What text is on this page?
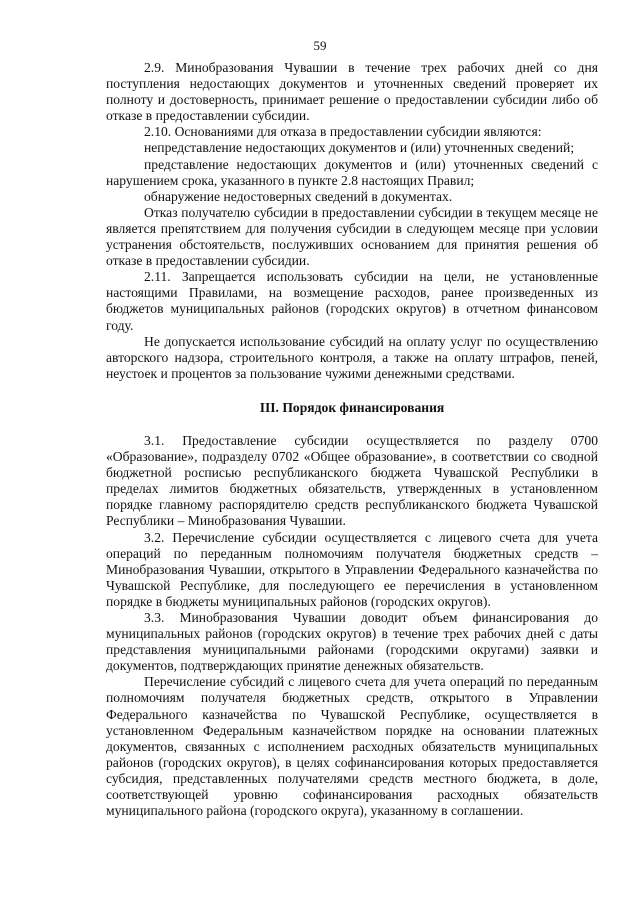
59

2.9. Минобразования Чувашии в течение трех рабочих дней со дня поступления недостающих документов и уточненных сведений проверяет их полноту и достоверность, принимает решение о предоставлении субсидии либо об отказе в предоставлении субсидии.

2.10. Основаниями для отказа в предоставлении субсидии являются:

непредставление недостающих документов и (или) уточненных сведений;

представление недостающих документов и (или) уточненных сведений с нарушением срока, указанного в пункте 2.8 настоящих Правил;

обнаружение недостоверных сведений в документах.

Отказ получателю субсидии в предоставлении субсидии в текущем месяце не является препятствием для получения субсидии в следующем месяце при условии устранения обстоятельств, послуживших основанием для принятия решения об отказе в предоставлении субсидии.

2.11. Запрещается использовать субсидии на цели, не установленные настоящими Правилами, на возмещение расходов, ранее произведенных из бюджетов муниципальных районов (городских округов) в отчетном финансовом году.

Не допускается использование субсидий на оплату услуг по осуществлению авторского надзора, строительного контроля, а также на оплату штрафов, пеней, неустоек и процентов за пользование чужими денежными средствами.

III. Порядок финансирования

3.1. Предоставление субсидии осуществляется по разделу 0700 «Образование», подразделу 0702 «Общее образование», в соответствии со сводной бюджетной росписью республиканского бюджета Чувашской Республики в пределах лимитов бюджетных обязательств, утвержденных в установленном порядке главному распорядителю средств республиканского бюджета Чувашской Республики – Минобразования Чувашии.

3.2. Перечисление субсидии осуществляется с лицевого счета для учета операций по переданным полномочиям получателя бюджетных средств – Минобразования Чувашии, открытого в Управлении Федерального казначейства по Чувашской Республике, для последующего ее перечисления в установленном порядке в бюджеты муниципальных районов (городских округов).

3.3. Минобразования Чувашии доводит объем финансирования до муниципальных районов (городских округов) в течение трех рабочих дней с даты представления муниципальными районами (городскими округами) заявки и документов, подтверждающих принятие денежных обязательств.

Перечисление субсидий с лицевого счета для учета операций по переданным полномочиям получателя бюджетных средств, открытого в Управлении Федерального казначейства по Чувашской Республике, осуществляется в установленном Федеральным казначейством порядке на основании платежных документов, связанных с исполнением расходных обязательств муниципальных районов (городских округов), в целях софинансирования которых предоставляется субсидия, представленных получателями средств местного бюджета, в доле, соответствующей уровню софинансирования расходных обязательств муниципального района (городского округа), указанному в соглашении.
